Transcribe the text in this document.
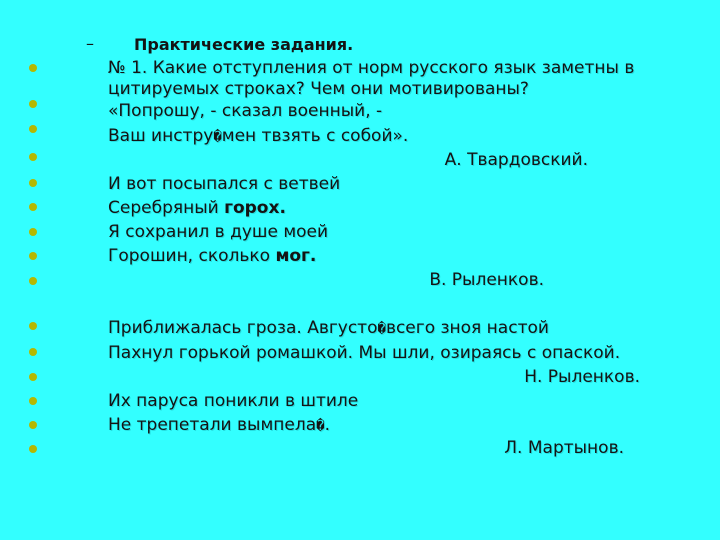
–	Практические задания.
№ 1. Какие отступления от норм русского язык заметны в
цитируемых строках? Чем они мотивированы?
«Попрошу, - сказал военный, -
Ваш инстру�мен твзять с собой».
А. Твардовский.
И вот посыпался с ветвей
Серебряный горох.
Я сохранил в душе моей
Горошин, сколько мог.
В. Рыленков.
Приближалась гроза. Августо�всего зноя настой
Пахнул горькой ромашкой. Мы шли, озираясь с опаской.
Н. Рыленков.
Их паруса поникли в штиле
Не трепетали вымпела�.
Л. Мартынов.
